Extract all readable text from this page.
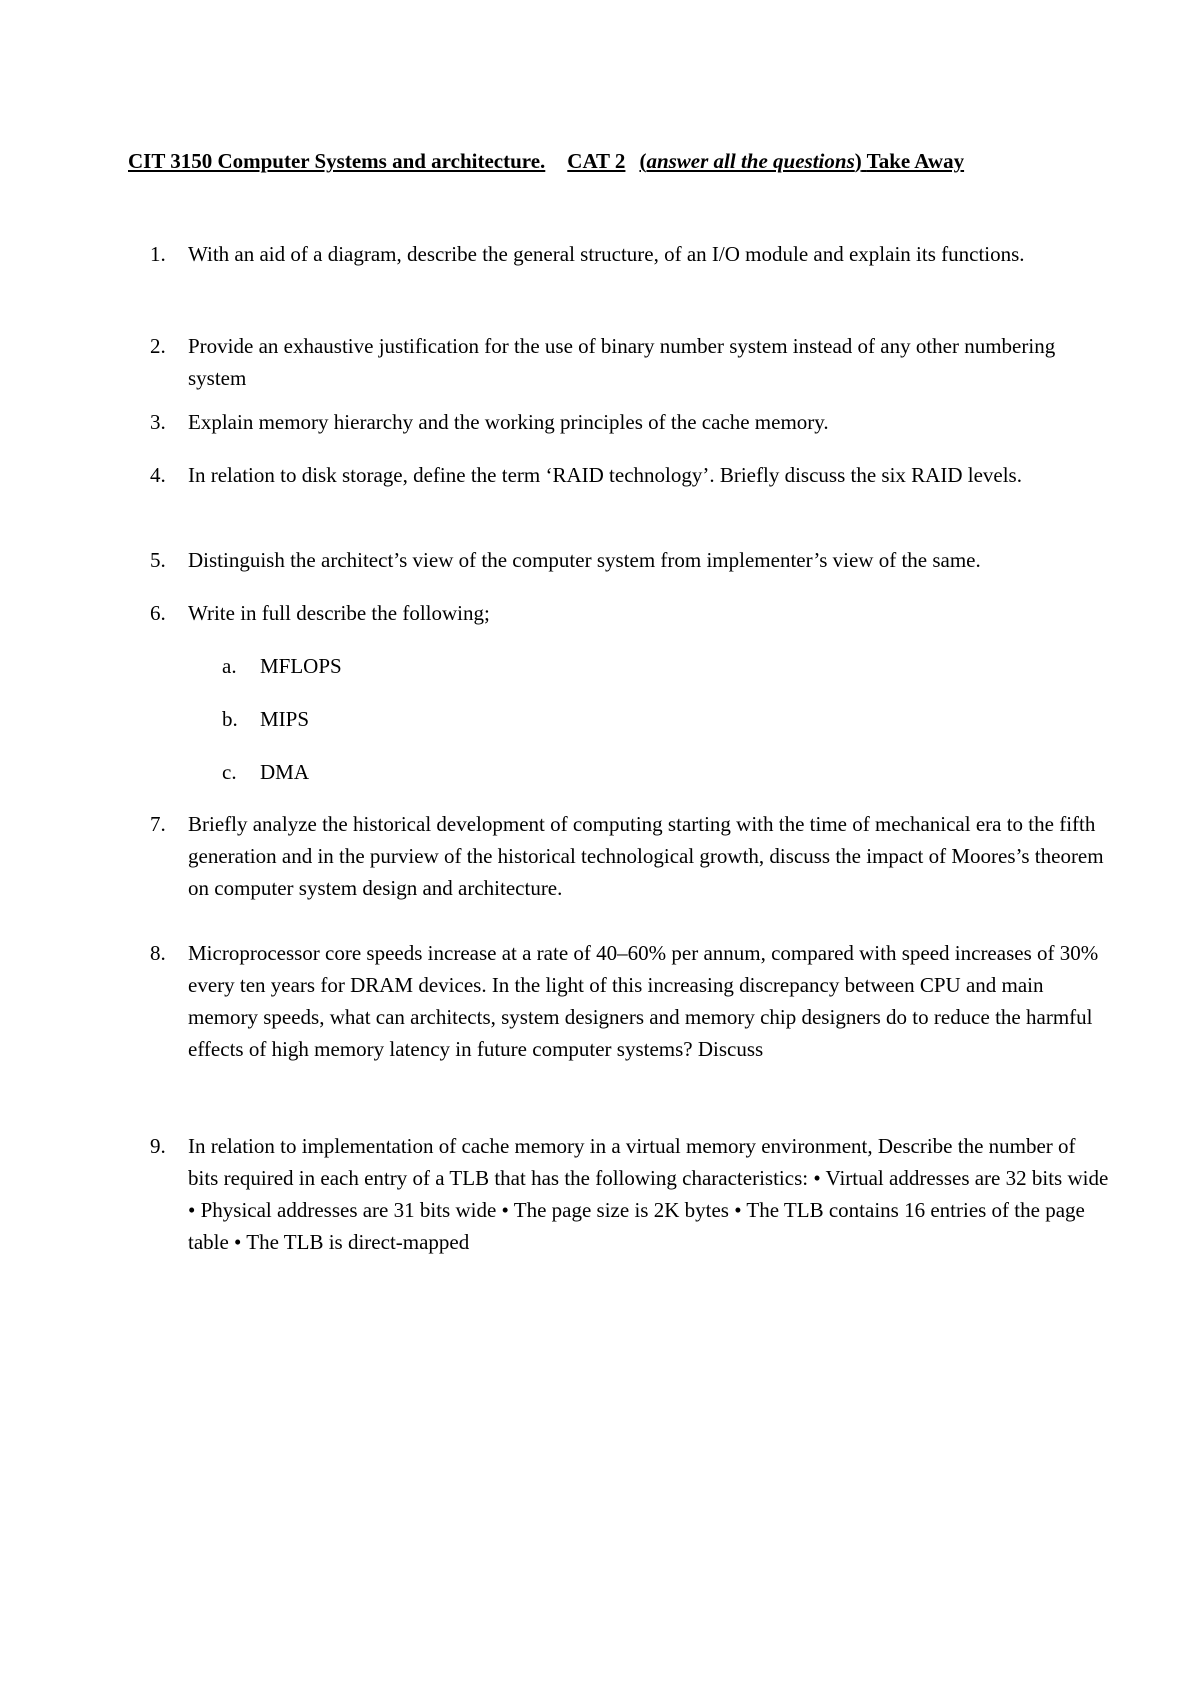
CIT 3150 Computer Systems and architecture. CAT 2 (answer all the questions) Take Away
1. With an aid of a diagram, describe the general structure, of an I/O module and explain its functions.
2. Provide an exhaustive justification for the use of binary number system instead of any other numbering system
3. Explain memory hierarchy and the working principles of the cache memory.
4. In relation to disk storage, define the term ‘RAID technology’. Briefly discuss the six RAID levels.
5. Distinguish the architect’s view of the computer system from implementer’s view of the same.
6. Write in full describe the following;
a. MFLOPS
b. MIPS
c. DMA
7. Briefly analyze the historical development of computing starting with the time of mechanical era to the fifth generation and in the purview of the historical technological growth, discuss the impact of Moores’s theorem on computer system design and architecture.
8. Microprocessor core speeds increase at a rate of 40–60% per annum, compared with speed increases of 30% every ten years for DRAM devices. In the light of this increasing discrepancy between CPU and main memory speeds, what can architects, system designers and memory chip designers do to reduce the harmful effects of high memory latency in future computer systems? Discuss
9. In relation to implementation of cache memory in a virtual memory environment, Describe the number of bits required in each entry of a TLB that has the following characteristics: • Virtual addresses are 32 bits wide • Physical addresses are 31 bits wide • The page size is 2K bytes • The TLB contains 16 entries of the page table • The TLB is direct-mapped
